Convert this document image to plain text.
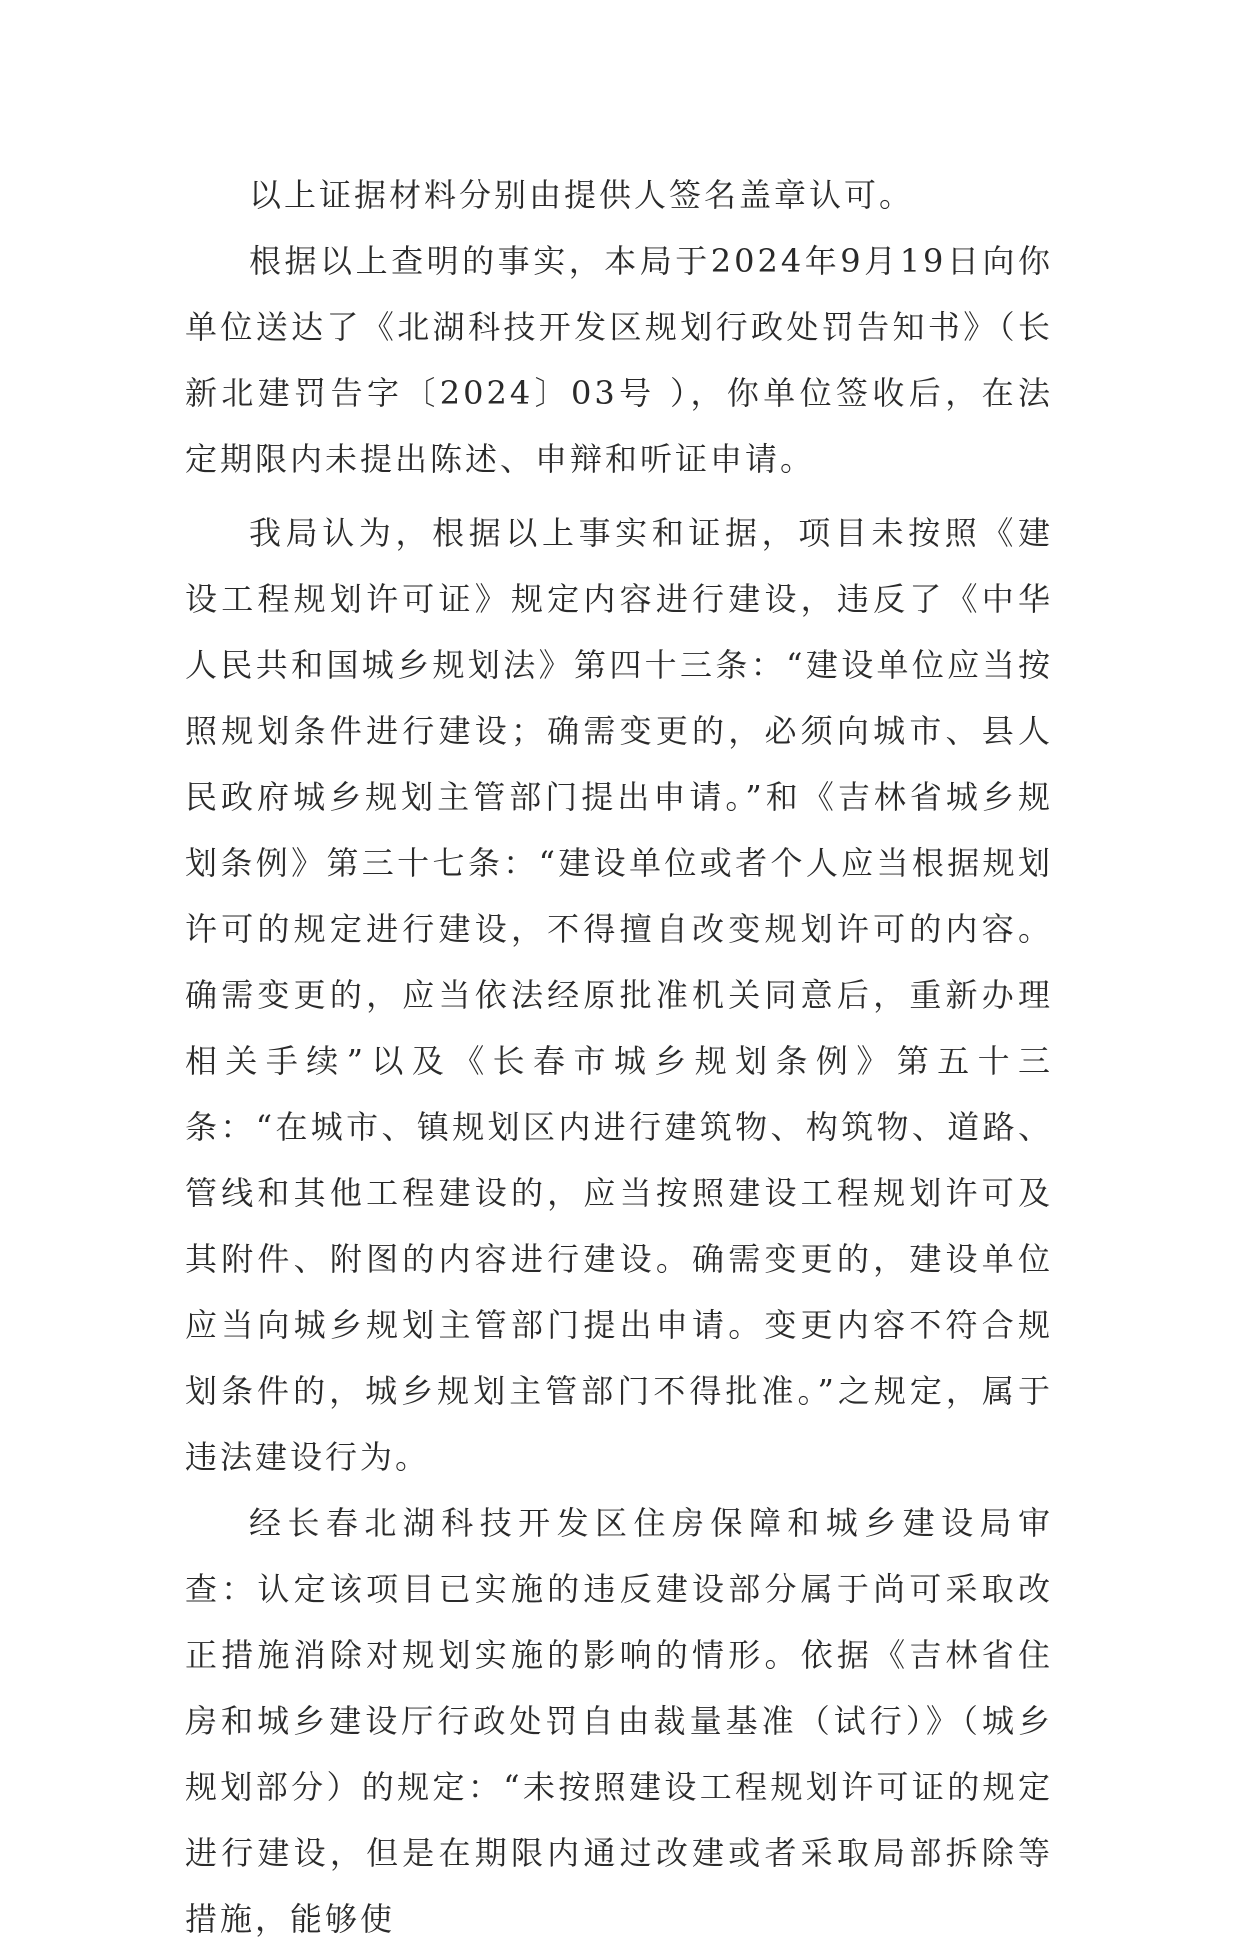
以上证据材料分别由提供人签名盖章认可。

根据以上查明的事实，本局于2024年9月19日向你单位送达了《北湖科技开发区规划行政处罚告知书》（长新北建罚告字〔2024〕03号 ），你单位签收后，在法定期限内未提出陈述、申辩和听证申请。

我局认为，根据以上事实和证据，项目未按照《建设工程规划许可证》规定内容进行建设，违反了《中华人民共和国城乡规划法》第四十三条：“建设单位应当按照规划条件进行建设；确需变更的，必须向城市、县人民政府城乡规划主管部门提出申请。”和《吉林省城乡规划条例》第三十七条：“建设单位或者个人应当根据规划许可的规定进行建设，不得擅自改变规划许可的内容。确需变更的，应当依法经原批准机关同意后，重新办理相关手续”以及《长春市城乡规划条例》第五十三条：“在城市、镇规划区内进行建筑物、构筑物、道路、管线和其他工程建设的，应当按照建设工程规划许可及其附件、附图的内容进行建设。确需变更的，建设单位应当向城乡规划主管部门提出申请。变更内容不符合规划条件的，城乡规划主管部门不得批准。”之规定，属于违法建设行为。

经长春北湖科技开发区住房保障和城乡建设局审查：认定该项目已实施的违反建设部分属于尚可采取改正措施消除对规划实施的影响的情形。依据《吉林省住房和城乡建设厅行政处罚自由裁量基准（试行）》（城乡规划部分）的规定：“未按照建设工程规划许可证的规定进行建设，但是在期限内通过改建或者采取局部拆除等措施，能够使
